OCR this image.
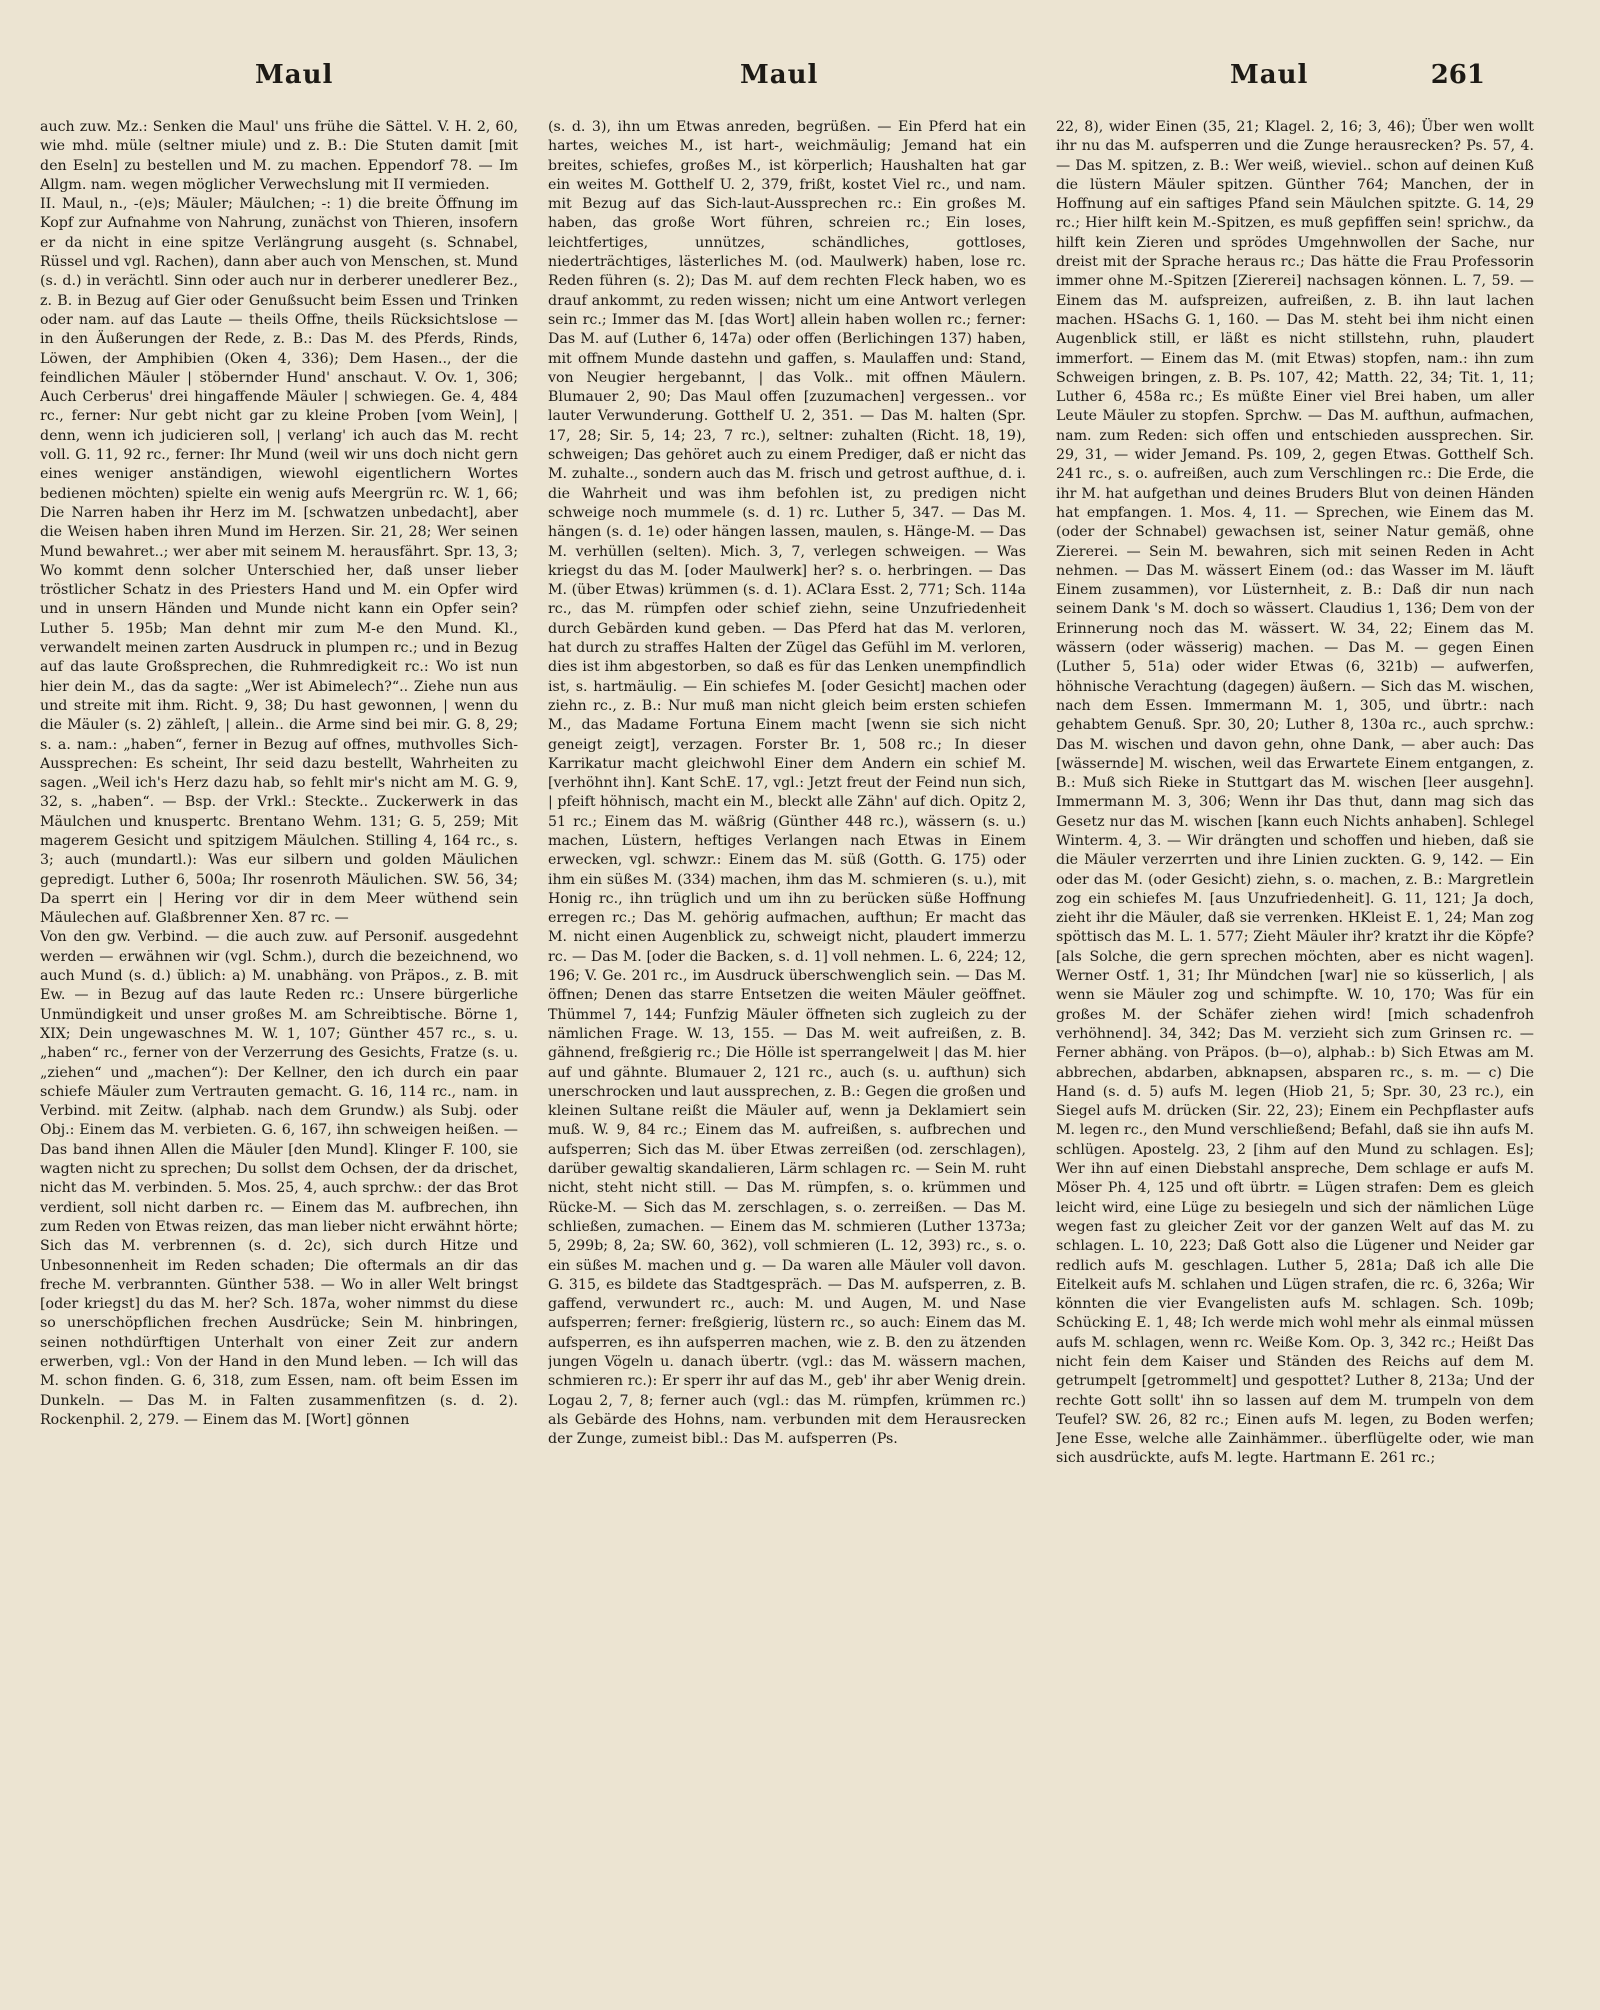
Maul	Maul	Maul	261

auch zuw. Mz.: Senken die Maul' uns frühe die Sättel. V. H. 2, 60, wie mhd. müle (seltner miule) und z. B.: Die Stuten damit [mit den Eseln] zu bestellen und M. zu machen. Eppendorf 78. — Im Allgm. nam. wegen möglicher Verwechslung mit II vermieden.

II. Maul, n., -(e)s; Mäuler; Mäulchen; -: 1) die breite Öffnung im Kopf zur Aufnahme von Nahrung, zunächst von Thieren, insofern er da nicht in eine spitze Verlängrung ausgeht (s. Schnabel, Rüssel und vgl. Rachen), dann aber auch von Menschen, st. Mund (s. d.) in verächtl. Sinn oder auch nur in derberer unedlerer Bez., z. B. in Bezug auf Gier oder Genußsucht beim Essen und Trinken oder nam. auf das Laute — theils Offne, theils Rücksichtslose — in den Äußerungen der Rede, z. B.: Das M. des Pferds, Rinds, Löwen, der Amphibien (Oken 4, 336); Dem Hasen.., der die feindlichen Mäuler | stöbernder Hund' anschaut. V. Ov. 1, 306; Auch Cerberus' drei hingaffende Mäuler | schwiegen. Ge. 4, 484 rc., ferner: Nur gebt nicht gar zu kleine Proben [vom Wein], | denn, wenn ich judicieren soll, | verlang' ich auch das M. recht voll. G. 11, 92 rc., ferner: Ihr Mund (weil wir uns doch nicht gern eines weniger anständigen, wiewohl eigentlichern Wortes bedienen möchten) spielte ein wenig aufs Meergrün rc. W. 1, 66; Die Narren haben ihr Herz im M. [schwatzen unbedacht], aber die Weisen haben ihren Mund im Herzen. Sir. 21, 28; Wer seinen Mund bewahret..; wer aber mit seinem M. herausfährt. Spr. 13, 3; Wo kommt denn solcher Unterschied her, daß unser lieber tröstlicher Schatz in des Priesters Hand und M. ein Opfer wird und in unsern Händen und Munde nicht kann ein Opfer sein? Luther 5. 195b; Man dehnt mir zum M-e den Mund. Kl., verwandelt meinen zarten Ausdruck in plumpen rc.; und in Bezug auf das laute Großsprechen, die Ruhmredigkeit rc.: Wo ist nun hier dein M., das da sagte: „Wer ist Abimelech?“.. Ziehe nun aus und streite mit ihm. Richt. 9, 38; Du hast gewonnen, | wenn du die Mäuler (s. 2) zähleſt, | allein.. die Arme sind bei mir. G. 8, 29; s. a. nam.: „haben“, ferner in Bezug auf offnes, muthvolles Sich-Aussprechen: Es scheint, Ihr seid dazu bestellt, Wahrheiten zu sagen. „Weil ich's Herz dazu hab, so fehlt mir's nicht am M. G. 9, 32, s. „haben“. — Bsp. der Vrkl.: Steckte.. Zuckerwerk in das Mäulchen und knuspertc. Brentano Wehm. 131; G. 5, 259; Mit magerem Gesicht und spitzigem Mäulchen. Stilling 4, 164 rc., s. 3; auch (mundartl.): Was eur silbern und golden Mäulichen gepredigt. Luther 6, 500a; Ihr rosenroth Mäulichen. SW. 56, 34; Da sperrt ein | Hering vor dir in dem Meer wüthend sein Mäulechen auf. Glaßbrenner Xen. 87 rc. —

Von den gw. Verbind. — die auch zuw. auf Personif. ausgedehnt werden — erwähnen wir (vgl. Schm.), durch die bezeichnend, wo auch Mund (s. d.) üblich: a) M. unabhäng. von Präpos., z. B. mit Ew. — in Bezug auf das laute Reden rc.: Unsere bürgerliche Unmündigkeit und unser großes M. am Schreibtische. Börne 1, XIX; Dein ungewaschnes M. W. 1, 107; Günther 457 rc., s. u. „haben“ rc., ferner von der Verzerrung des Gesichts, Fratze (s. u. „ziehen“ und „machen“): Der Kellner, den ich durch ein paar schiefe Mäuler zum Vertrauten gemacht. G. 16, 114 rc., nam. in Verbind. mit Zeitw. (alphab. nach dem Grundw.) als Subj. oder Obj.: Einem das M. verbieten. G. 6, 167, ihn schweigen heißen. — Das band ihnen Allen die Mäuler [den Mund]. Klinger F. 100, sie wagten nicht zu sprechen; Du sollst dem Ochsen, der da drischet, nicht das M. verbinden. 5. Mos. 25, 4, auch sprchw.: der das Brot verdient, soll nicht darben rc. — Einem das M. aufbrechen, ihn zum Reden von Etwas reizen, das man lieber nicht erwähnt hörte; Sich das M. verbrennen (s. d. 2c), sich durch Hitze und Unbesonnenheit im Reden schaden; Die oftermals an dir das freche M. verbrannten. Günther 538. — Wo in aller Welt bringst [oder kriegst] du das M. her? Sch. 187a, woher nimmst du diese so unerschöpflichen frechen Ausdrücke; Sein M. hinbringen, seinen nothdürftigen Unterhalt von einer Zeit zur andern erwerben, vgl.: Von der Hand in den Mund leben. — Ich will das M. schon finden. G. 6, 318, zum Essen, nam. oft beim Essen im Dunkeln. — Das M. in Falten zusammenfitzen (s. d. 2). Rockenphil. 2, 279. — Einem das M. [Wort] gönnen

(s. d. 3), ihn um Etwas anreden, begrüßen. — Ein Pferd hat ein hartes, weiches M., ist hart-, weichmäulig; Jemand hat ein breites, schiefes, großes M., ist körperlich; Haushalten hat gar ein weites M. Gotthelf U. 2, 379, frißt, kostet Viel rc., und nam. mit Bezug auf das Sich-laut-Aussprechen rc.: Ein großes M. haben, das große Wort führen, schreien rc.; Ein loses, leichtfertiges, unnützes, schändliches, gottloses, niederträchtiges, lästerliches M. (od. Maulwerk) haben, lose rc. Reden führen (s. 2); Das M. auf dem rechten Fleck haben, wo es drauf ankommt, zu reden wissen; nicht um eine Antwort verlegen sein rc.; Immer das M. [das Wort] allein haben wollen rc.; ferner: Das M. auf (Luther 6, 147a) oder offen (Berlichingen 137) haben, mit offnem Munde dastehn und gaffen, s. Maulaffen und: Stand, von Neugier hergebannt, | das Volk.. mit offnen Mäulern. Blumauer 2, 90; Das Maul offen [zuzumachen] vergessen.. vor lauter Verwunderung. Gotthelf U. 2, 351. — Das M. halten (Spr. 17, 28; Sir. 5, 14; 23, 7 rc.), seltner: zuhalten (Richt. 18, 19), schweigen; Das gehöret auch zu einem Prediger, daß er nicht das M. zuhalte.., sondern auch das M. frisch und getrost aufthue, d. i. die Wahrheit und was ihm befohlen ist, zu predigen nicht schweige noch mummele (s. d. 1) rc. Luther 5, 347. — Das M. hängen (s. d. 1e) oder hängen lassen, maulen, s. Hänge-M. — Das M. verhüllen (selten). Mich. 3, 7, verlegen schweigen. — Was kriegst du das M. [oder Maulwerk] her? s. o. herbringen. — Das M. (über Etwas) krümmen (s. d. 1). AClara Esst. 2, 771; Sch. 114a rc., das M. rümpfen oder schief ziehn, seine Unzufriedenheit durch Gebärden kund geben. — Das Pferd hat das M. verloren, hat durch zu straffes Halten der Zügel das Gefühl im M. verloren, dies ist ihm abgestorben, so daß es für das Lenken unempfindlich ist, s. hartmäulig. — Ein schiefes M. [oder Gesicht] machen oder ziehn rc., z. B.: Nur muß man nicht gleich beim ersten schiefen M., das Madame Fortuna Einem macht [wenn sie sich nicht geneigt zeigt], verzagen. Forster Br. 1, 508 rc.; In dieser Karrikatur macht gleichwohl Einer dem Andern ein schief M. [verhöhnt ihn]. Kant SchE. 17, vgl.: Jetzt freut der Feind nun sich, | pfeift höhnisch, macht ein M., bleckt alle Zähn' auf dich. Opitz 2, 51 rc.; Einem das M. wäßrig (Günther 448 rc.), wässern (s. u.) machen, Lüstern, heftiges Verlangen nach Etwas in Einem erwecken, vgl. schwzr.: Einem das M. süß (Gotth. G. 175) oder ihm ein süßes M. (334) machen, ihm das M. schmieren (s. u.), mit Honig rc., ihn trüglich und um ihn zu berücken süße Hoffnung erregen rc.; Das M. gehörig aufmachen, aufthun; Er macht das M. nicht einen Augenblick zu, schweigt nicht, plaudert immerzu rc. — Das M. [oder die Backen, s. d. 1] voll nehmen. L. 6, 224; 12, 196; V. Ge. 201 rc., im Ausdruck überschwenglich sein. — Das M. öffnen; Denen das starre Entsetzen die weiten Mäuler geöffnet. Thümmel 7, 144; Funfzig Mäuler öffneten sich zugleich zu der nämlichen Frage. W. 13, 155. — Das M. weit aufreißen, z. B. gähnend, freßgierig rc.; Die Hölle ist sperrangelweit | das M. hier auf und gähnte. Blumauer 2, 121 rc., auch (s. u. aufthun) sich unerschrocken und laut aussprechen, z. B.: Gegen die großen und kleinen Sultane reißt die Mäuler auf, wenn ja Deklamiert sein muß. W. 9, 84 rc.; Einem das M. aufreißen, s. aufbrechen und aufsperren; Sich das M. über Etwas zerreißen (od. zerschlagen), darüber gewaltig skandalieren, Lärm schlagen rc. — Sein M. ruht nicht, steht nicht still. — Das M. rümpfen, s. o. krümmen und Rücke-M. — Sich das M. zerschlagen, s. o. zerreißen. — Das M. schließen, zumachen. — Einem das M. schmieren (Luther 1373a; 5, 299b; 8, 2a; SW. 60, 362), voll schmieren (L. 12, 393) rc., s. o. ein süßes M. machen und g. — Da waren alle Mäuler voll davon. G. 315, es bildete das Stadtgespräch. — Das M. aufsperren, z. B. gaffend, verwundert rc., auch: M. und Augen, M. und Nase aufsperren; ferner: freßgierig, lüstern rc., so auch: Einem das M. aufsperren, es ihn aufsperren machen, wie z. B. den zu ätzenden jungen Vögeln u. danach übertr. (vgl.: das M. wässern machen, schmieren rc.): Er sperr ihr auf das M., geb' ihr aber Wenig drein. Logau 2, 7, 8; ferner auch (vgl.: das M. rümpfen, krümmen rc.) als Gebärde des Hohns, nam. verbunden mit dem Herausrecken der Zunge, zumeist bibl.: Das M. aufsperren (Ps.

22, 8), wider Einen (35, 21; Klagel. 2, 16; 3, 46); Über wen wollt ihr nu das M. aufsperren und die Zunge herausrecken? Ps. 57, 4. — Das M. spitzen, z. B.: Wer weiß, wieviel.. schon auf deinen Kuß die lüstern Mäuler spitzen. Günther 764; Manchen, der in Hoffnung auf ein saftiges Pfand sein Mäulchen spitzte. G. 14, 29 rc.; Hier hilft kein M.-Spitzen, es muß gepfiffen sein! sprichw., da hilft kein Zieren und sprödes Umgehnwollen der Sache, nur dreist mit der Sprache heraus rc.; Das hätte die Frau Professorin immer ohne M.-Spitzen [Ziererei] nachsagen können. L. 7, 59. — Einem das M. aufspreizen, aufreißen, z. B. ihn laut lachen machen. HSachs G. 1, 160. — Das M. steht bei ihm nicht einen Augenblick still, er läßt es nicht stillstehn, ruhn, plaudert immerfort. — Einem das M. (mit Etwas) stopfen, nam.: ihn zum Schweigen bringen, z. B. Ps. 107, 42; Matth. 22, 34; Tit. 1, 11; Luther 6, 458a rc.; Es müßte Einer viel Brei haben, um aller Leute Mäuler zu stopfen. Sprchw. — Das M. aufthun, aufmachen, nam. zum Reden: sich offen und entschieden aussprechen. Sir. 29, 31, — wider Jemand. Ps. 109, 2, gegen Etwas. Gotthelf Sch. 241 rc., s. o. aufreißen, auch zum Verschlingen rc.: Die Erde, die ihr M. hat aufgethan und deines Bruders Blut von deinen Händen hat empfangen. 1. Mos. 4, 11. — Sprechen, wie Einem das M. (oder der Schnabel) gewachsen ist, seiner Natur gemäß, ohne Ziererei. — Sein M. bewahren, sich mit seinen Reden in Acht nehmen. — Das M. wässert Einem (od.: das Wasser im M. läuft Einem zusammen), vor Lüsternheit, z. B.: Daß dir nun nach seinem Dank 's M. doch so wässert. Claudius 1, 136; Dem von der Erinnerung noch das M. wässert. W. 34, 22; Einem das M. wässern (oder wässerig) machen. — Das M. — gegen Einen (Luther 5, 51a) oder wider Etwas (6, 321b) — aufwerfen, höhnische Verachtung (dagegen) äußern. — Sich das M. wischen, nach dem Essen. Immermann M. 1, 305, und übrtr.: nach gehabtem Genuß. Spr. 30, 20; Luther 8, 130a rc., auch sprchw.: Das M. wischen und davon gehn, ohne Dank, — aber auch: Das [wässernde] M. wischen, weil das Erwartete Einem entgangen, z. B.: Muß sich Rieke in Stuttgart das M. wischen [leer ausgehn]. Immermann M. 3, 306; Wenn ihr Das thut, dann mag sich das Gesetz nur das M. wischen [kann euch Nichts anhaben]. Schlegel Winterm. 4, 3. — Wir drängten und schoffen und hieben, daß sie die Mäuler verzerrten und ihre Linien zuckten. G. 9, 142. — Ein oder das M. (oder Gesicht) ziehn, s. o. machen, z. B.: Margretlein zog ein schiefes M. [aus Unzufriedenheit]. G. 11, 121; Ja doch, zieht ihr die Mäuler, daß sie verrenken. HKleist E. 1, 24; Man zog spöttisch das M. L. 1. 577; Zieht Mäuler ihr? kratzt ihr die Köpfe? [als Solche, die gern sprechen möchten, aber es nicht wagen]. Werner Ostf. 1, 31; Ihr Mündchen [war] nie so küsserlich, | als wenn sie Mäuler zog und schimpfte. W. 10, 170; Was für ein großes M. der Schäfer ziehen wird! [mich schadenfroh verhöhnend]. 34, 342; Das M. verzieht sich zum Grinsen rc. — Ferner abhäng. von Präpos. (b—o), alphab.: b) Sich Etwas am M. abbrechen, abdarben, abknapsen, absparen rc., s. m. — c) Die Hand (s. d. 5) aufs M. legen (Hiob 21, 5; Spr. 30, 23 rc.), ein Siegel aufs M. drücken (Sir. 22, 23); Einem ein Pechpflaster aufs M. legen rc., den Mund verschließend; Befahl, daß sie ihn aufs M. schlügen. Apostelg. 23, 2 [ihm auf den Mund zu schlagen. Es]; Wer ihn auf einen Diebstahl anspreche, Dem schlage er aufs M. Möser Ph. 4, 125 und oft übrtr. = Lügen strafen: Dem es gleich leicht wird, eine Lüge zu besiegeln und sich der nämlichen Lüge wegen fast zu gleicher Zeit vor der ganzen Welt auf das M. zu schlagen. L. 10, 223; Daß Gott also die Lügener und Neider gar redlich aufs M. geschlagen. Luther 5, 281a; Daß ich alle Die Eitelkeit aufs M. schlahen und Lügen strafen, die rc. 6, 326a; Wir könnten die vier Evangelisten aufs M. schlagen. Sch. 109b; Schücking E. 1, 48; Ich werde mich wohl mehr als einmal müssen aufs M. schlagen, wenn rc. Weiße Kom. Op. 3, 342 rc.; Heißt Das nicht fein dem Kaiser und Ständen des Reichs auf dem M. getrumpelt [getrommelt] und gespottet? Luther 8, 213a; Und der rechte Gott sollt' ihn so lassen auf dem M. trumpeln von dem Teufel? SW. 26, 82 rc.; Einen aufs M. legen, zu Boden werfen; Jene Esse, welche alle Zainhämmer.. überflügelte oder, wie man sich ausdrückte, aufs M. legte. Hartmann E. 261 rc.;
